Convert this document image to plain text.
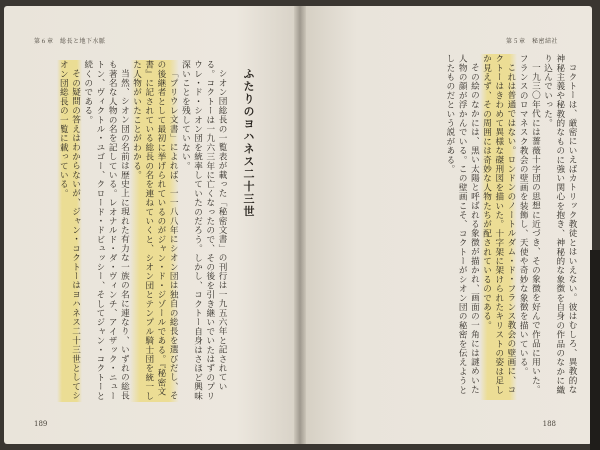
第６章　総長と地下水脈
ふたりのヨハネス二十三世

シオン団総長の一覧表が載った「秘密文書」の刊行は一九五六年と記されている。コクトーは一九六三年に亡くなったので、その後を引き継いでいたはずのプリウレ・ド・シオン団を統率していたのだろう。しかし、コクトー自身はさほど興味深いことを残していない。

「プリウレ文書」によれば、一一八八年にシオン団は独自の総長を選びだし、その後継者として最初に挙げられているのがジャン・ド・ジゾールである。『秘密文書』に記されている総長の名を連ねていくと、シオン団とテンプル騎士団を統一した人物がいたことがわかる。

当然、シオン団の名前は歴史上に現れた有力な一族の名に連なり、いずれの総長も著名な人物の名を記している。レオナルド・ダ・ヴィンチ、アイザック・ニュートン、ヴィクトル・ユゴー、クロード・ドビュッシー、そしてジャン・コクトーと続くのである。

その疑問の答えはわからないが、ジャン・コクトーはヨハネス二十三世としてシオン団総長の一覧に載っている。

189
第５章　秘密結社

コクトーは、厳密にいえばカトリック教徒とはいえない。彼はむしろ、異教的な神秘主義や秘教的なものに強い関心を抱き、神秘的な象徴を自身の作品のなかに織り込んでいった。

一九三〇年代には薔薇十字団の思想に近づき、その象徴を好んで作品に用いた。フランスのロマネスク教会の壁画を装飾し、天使や奇妙な象徴を描いている。

これは普通ではない。ロンドンのノートルダム・ド・フランス教会の壁画に、コクトーはきわめて異様な磔刑図を描いた。十字架に架けられたキリストの姿は足しか見えず、その周囲には奇妙な人物たちが配されているのである。

その絵のなかには、黒い太陽と呼ばれる象徴が描かれ、画面の一角には謎めいた人物の顔が浮かんでいる。この壁画こそ、コクトーがシオン団の秘密を伝えようとしたものだという説がある。

188
